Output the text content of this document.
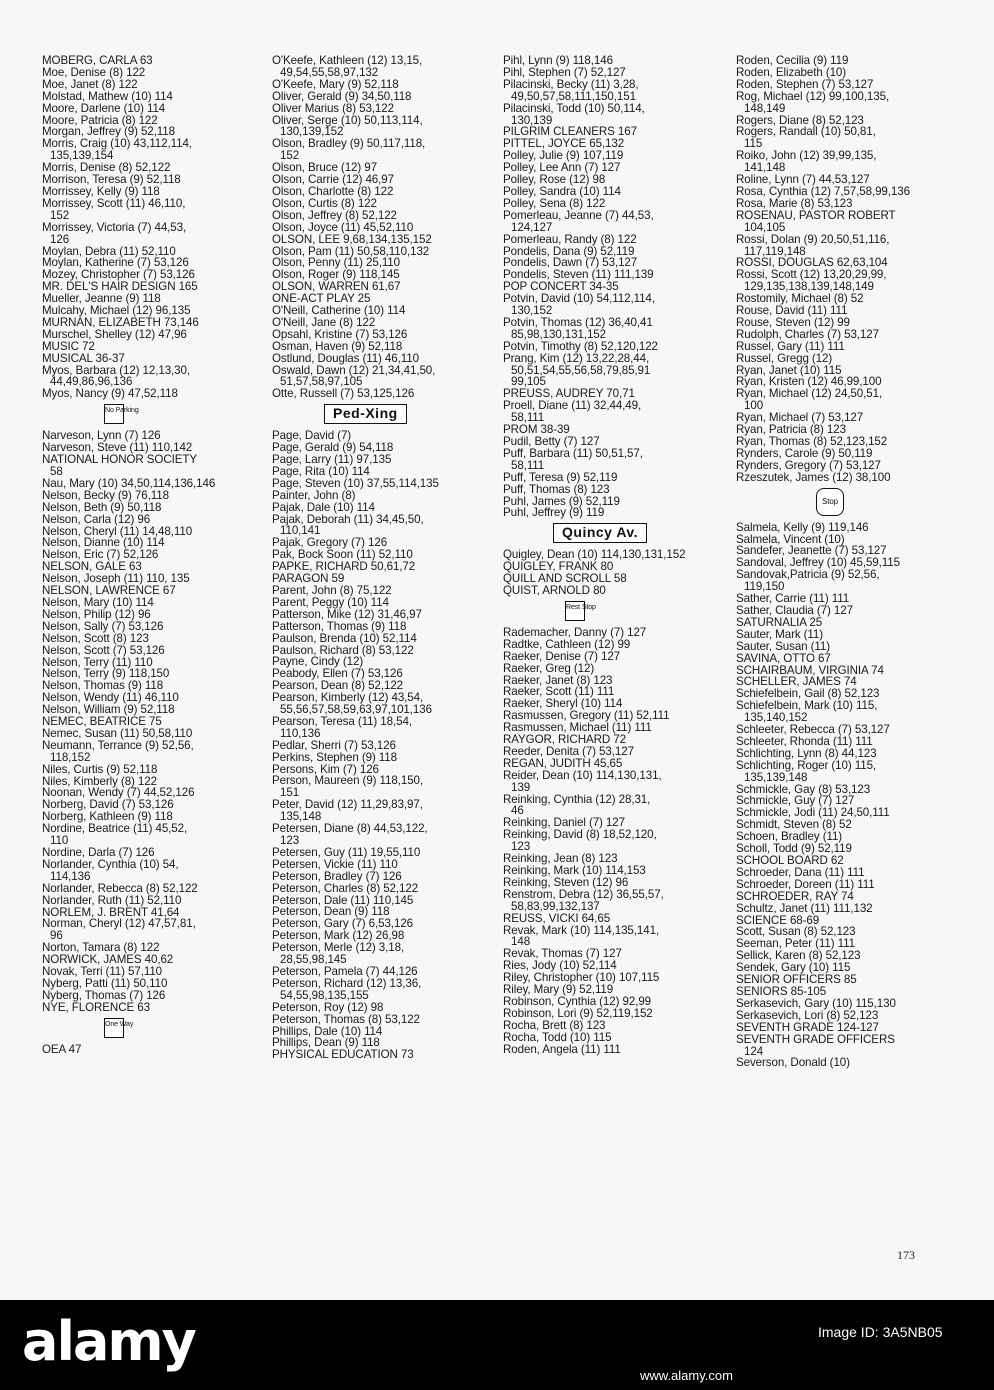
MOBERG, CARLA 63
Moe, Denise (8) 122
Moe, Janet (8) 122
Molstad, Mathew (10) 114
Moore, Darlene (10) 114
Moore, Patricia (8) 122
Morgan, Jeffrey (9) 52,118
Morris, Craig (10) 43,112,114,
135,139,154
Morris, Denise (8) 52,122
Morrison, Teresa (9) 52,118
Morrissey, Kelly (9) 118
Morrissey, Scott (11) 46,110,
152
Morrissey, Victoria (7) 44,53,
126
Moylan, Debra (11) 52,110
Moylan, Katherine (7) 53,126
Mozey, Christopher (7) 53,126
MR. DEL'S HAIR DESIGN 165
Mueller, Jeanne (9) 118
Mulcahy, Michael (12) 96,135
MURNAN, ELIZABETH 73,146
Murschel, Shelley (12) 47,96
MUSIC 72
MUSICAL 36-37
Myos, Barbara (12) 12,13,30,
44,49,86,96,136
Myos, Nancy (9) 47,52,118
No Parking
Narveson, Lynn (7) 126
Narveson, Steve (11) 110,142
NATIONAL HONOR SOCIETY
58
Nau, Mary (10) 34,50,114,136,146
Nelson, Becky (9) 76,118
Nelson, Beth (9) 50,118
Nelson, Carla (12) 96
Nelson, Cheryl (11) 14,48,110
Nelson, Dianne (10) 114
Nelson, Eric (7) 52,126
NELSON, GALE 63
Nelson, Joseph (11) 110, 135
NELSON, LAWRENCE 67
Nelson, Mary (10) 114
Nelson, Philip (12) 96
Nelson, Sally (7) 53,126
Nelson, Scott (8) 123
Nelson, Scott (7) 53,126
Nelson, Terry (11) 110
Nelson, Terry (9) 118,150
Nelson, Thomas (9) 118
Nelson, Wendy (11) 46,110
Nelson, William (9) 52,118
NEMEC, BEATRICE 75
Nemec, Susan (11) 50,58,110
Neumann, Terrance (9) 52,56,
118,152
Niles, Curtis (9) 52,118
Niles, Kimberly (8) 122
Noonan, Wendy (7) 44,52,126
Norberg, David (7) 53,126
Norberg, Kathleen (9) 118
Nordine, Beatrice (11) 45,52,
110
Nordine, Darla (7) 126
Norlander, Cynthia (10) 54,
114,136
Norlander, Rebecca (8) 52,122
Norlander, Ruth (11) 52,110
NORLEM, J. BRENT 41,64
Norman, Cheryl (12) 47,57,81,
96
Norton, Tamara (8) 122
NORWICK, JAMES 40,62
Novak, Terri (11) 57,110
Nyberg, Patti (11) 50,110
Nyberg, Thomas (7) 126
NYE, FLORENCE 63
One Way
OEA 47
O'Keefe, Kathleen (12) 13,15,
49,54,55,58,97,132
O'Keefe, Mary (9) 52,118
Oliver, Gerald (9) 34,50,118
Oliver Marius (8) 53,122
Oliver, Serge (10) 50,113,114,
130,139,152
Olson, Bradley (9) 50,117,118,
152
Olson, Bruce (12) 97
Olson, Carrie (12) 46,97
Olson, Charlotte (8) 122
Olson, Curtis (8) 122
Olson, Jeffrey (8) 52,122
Olson, Joyce (11) 45,52,110
OLSON, LEE 9,68,134,135,152
Olson, Pam (11) 50,58,110,132
Olson, Penny (11) 25,110
Olson, Roger (9) 118,145
OLSON, WARREN 61,67
ONE-ACT PLAY 25
O'Neill, Catherine (10) 114
O'Neill, Jane (8) 122
Opsahl, Kristine (7) 53,126
Osman, Haven (9) 52,118
Ostlund, Douglas (11) 46,110
Oswald, Dawn (12) 21,34,41,50,
51,57,58,97,105
Otte, Russell (7) 53,125,126
Ped-Xing
Page, David (7)
Page, Gerald (9) 54,118
Page, Larry (11) 97,135
Page, Rita (10) 114
Page, Steven (10) 37,55,114,135
Painter, John (8)
Pajak, Dale (10) 114
Pajak, Deborah (11) 34,45,50,
110,141
Pajak, Gregory (7) 126
Pak, Bock Soon (11) 52,110
PAPKE, RICHARD 50,61,72
PARAGON 59
Parent, John (8) 75,122
Parent, Peggy (10) 114
Patterson, Mike (12) 31,46,97
Patterson, Thomas (9) 118
Paulson, Brenda (10) 52,114
Paulson, Richard (8) 53,122
Payne, Cindy (12)
Peabody, Ellen (7) 53,126
Pearson, Dean (8) 52,122
Pearson, Kimberly (12) 43,54,
55,56,57,58,59,63,97,101,136
Pearson, Teresa (11) 18,54,
110,136
Pedlar, Sherri (7) 53,126
Perkins, Stephen (9) 118
Persons, Kim (7) 126
Person, Maureen (9) 118,150,
151
Peter, David (12) 11,29,83,97,
135,148
Petersen, Diane (8) 44,53,122,
123
Petersen, Guy (11) 19,55,110
Petersen, Vickie (11) 110
Peterson, Bradley (7) 126
Peterson, Charles (8) 52,122
Peterson, Dale (11) 110,145
Peterson, Dean (9) 118
Peterson, Gary (7) 6,53,126
Peterson, Mark (12) 26,98
Peterson, Merle (12) 3,18,
28,55,98,145
Peterson, Pamela (7) 44,126
Peterson, Richard (12) 13,36,
54,55,98,135,155
Peterson, Roy (12) 98
Peterson, Thomas (8) 53,122
Phillips, Dale (10) 114
Phillips, Dean (9) 118
PHYSICAL EDUCATION 73
Pihl, Lynn (9) 118,146
Pihl, Stephen (7) 52,127
Pilacinski, Becky (11) 3,28,
49,50,57,58,111,150,151
Pilacinski, Todd (10) 50,114,
130,139
PILGRIM CLEANERS 167
PITTEL, JOYCE 65,132
Polley, Julie (9) 107,119
Polley, Lee Ann (7) 127
Polley, Rose (12) 98
Polley, Sandra (10) 114
Polley, Sena (8) 122
Pomerleau, Jeanne (7) 44,53,
124,127
Pomerleau, Randy (8) 122
Pondelis, Dana (9) 52,119
Pondelis, Dawn (7) 53,127
Pondelis, Steven (11) 111,139
POP CONCERT 34-35
Potvin, David (10) 54,112,114,
130,152
Potvin, Thomas (12) 36,40,41
85,98,130,131,152
Potvin, Timothy (8) 52,120,122
Prang, Kim (12) 13,22,28,44,
50,51,54,55,56,58,79,85,91
99,105
PREUSS, AUDREY 70,71
Proell, Diane (11) 32,44,49,
58,111
PROM 38-39
Pudil, Betty (7) 127
Puff, Barbara (11) 50,51,57,
58,111
Puff, Teresa (9) 52,119
Puff, Thomas (8) 123
Puhl, James (9) 52,119
Puhl, Jeffrey (9) 119
Quincy Av.
Quigley, Dean (10) 114,130,131,152
QUIGLEY, FRANK 80
QUILL AND SCROLL 58
QUIST, ARNOLD 80
Rest Stop
Rademacher, Danny (7) 127
Radtke, Cathleen (12) 99
Raeker, Denise (7) 127
Raeker, Greg (12)
Raeker, Janet (8) 123
Raeker, Scott (11) 111
Raeker, Sheryl (10) 114
Rasmussen, Gregory (11) 52,111
Rasmussen, Michael (11) 111
RAYGOR, RICHARD 72
Reeder, Denita (7) 53,127
REGAN, JUDITH 45,65
Reider, Dean (10) 114,130,131,
139
Reinking, Cynthia (12) 28,31,
46
Reinking, Daniel (7) 127
Reinking, David (8) 18,52,120,
123
Reinking, Jean (8) 123
Reinking, Mark (10) 114,153
Reinking, Steven (12) 96
Renstrom, Debra (12) 36,55,57,
58,83,99,132,137
REUSS, VICKI 64,65
Revak, Mark (10) 114,135,141,
148
Revak, Thomas (7) 127
Ries, Jody (10) 52,114
Riley, Christopher (10) 107,115
Riley, Mary (9) 52,119
Robinson, Cynthia (12) 92,99
Robinson, Lori (9) 52,119,152
Rocha, Brett (8) 123
Rocha, Todd (10) 115
Roden, Angela (11) 111
Roden, Cecilia (9) 119
Roden, Elizabeth (10)
Roden, Stephen (7) 53,127
Rog, Michael (12) 99,100,135,
148,149
Rogers, Diane (8) 52,123
Rogers, Randall (10) 50,81,
115
Roiko, John (12) 39,99,135,
141,148
Roline, Lynn (7) 44,53,127
Rosa, Cynthia (12) 7,57,58,99,136
Rosa, Marie (8) 53,123
ROSENAU, PASTOR ROBERT
104,105
Rossi, Dolan (9) 20,50,51,116,
117,119,148
ROSSI, DOUGLAS 62,63,104
Rossi, Scott (12) 13,20,29,99,
129,135,138,139,148,149
Rostomily, Michael (8) 52
Rouse, David (11) 111
Rouse, Steven (12) 99
Rudolph, Charles (7) 53,127
Russel, Gary (11) 111
Russel, Gregg (12)
Ryan, Janet (10) 115
Ryan, Kristen (12) 46,99,100
Ryan, Michael (12) 24,50,51,
100
Ryan, Michael (7) 53,127
Ryan, Patricia (8) 123
Ryan, Thomas (8) 52,123,152
Rynders, Carole (9) 50,119
Rynders, Gregory (7) 53,127
Rzeszutek, James (12) 38,100
Stop
Salmela, Kelly (9) 119,146
Salmela, Vincent (10)
Sandefer, Jeanette (7) 53,127
Sandoval, Jeffrey (10) 45,59,115
Sandovak,Patricia (9) 52,56,
119,150
Sather, Carrie (11) 111
Sather, Claudia (7) 127
SATURNALIA 25
Sauter, Mark (11)
Sauter, Susan (11)
SAVINA, OTTO 67
SCHAIRBAUM, VIRGINIA 74
SCHELLER, JAMES 74
Schiefelbein, Gail (8) 52,123
Schiefelbein, Mark (10) 115,
135,140,152
Schleeter, Rebecca (7) 53,127
Schleeter, Rhonda (11) 111
Schlichting, Lynn (8) 44,123
Schlichting, Roger (10) 115,
135,139,148
Schmickle, Gay (8) 53,123
Schmickle, Guy (7) 127
Schmickle, Jodi (11) 24,50,111
Schmidt, Steven (8) 52
Schoen, Bradley (11)
Scholl, Todd (9) 52,119
SCHOOL BOARD 62
Schroeder, Dana (11) 111
Schroeder, Doreen (11) 111
SCHROEDER, RAY 74
Schultz, Janet (11) 111,132
SCIENCE 68-69
Scott, Susan (8) 52,123
Seeman, Peter (11) 111
Sellick, Karen (8) 52,123
Sendek, Gary (10) 115
SENIOR OFFICERS 85
SENIORS 85-105
Serkasevich, Gary (10) 115,130
Serkasevich, Lori (8) 52,123
SEVENTH GRADE 124-127
SEVENTH GRADE OFFICERS
124
Severson, Donald (10)
173
alamy	Image ID: 3A5NB05
www.alamy.com
